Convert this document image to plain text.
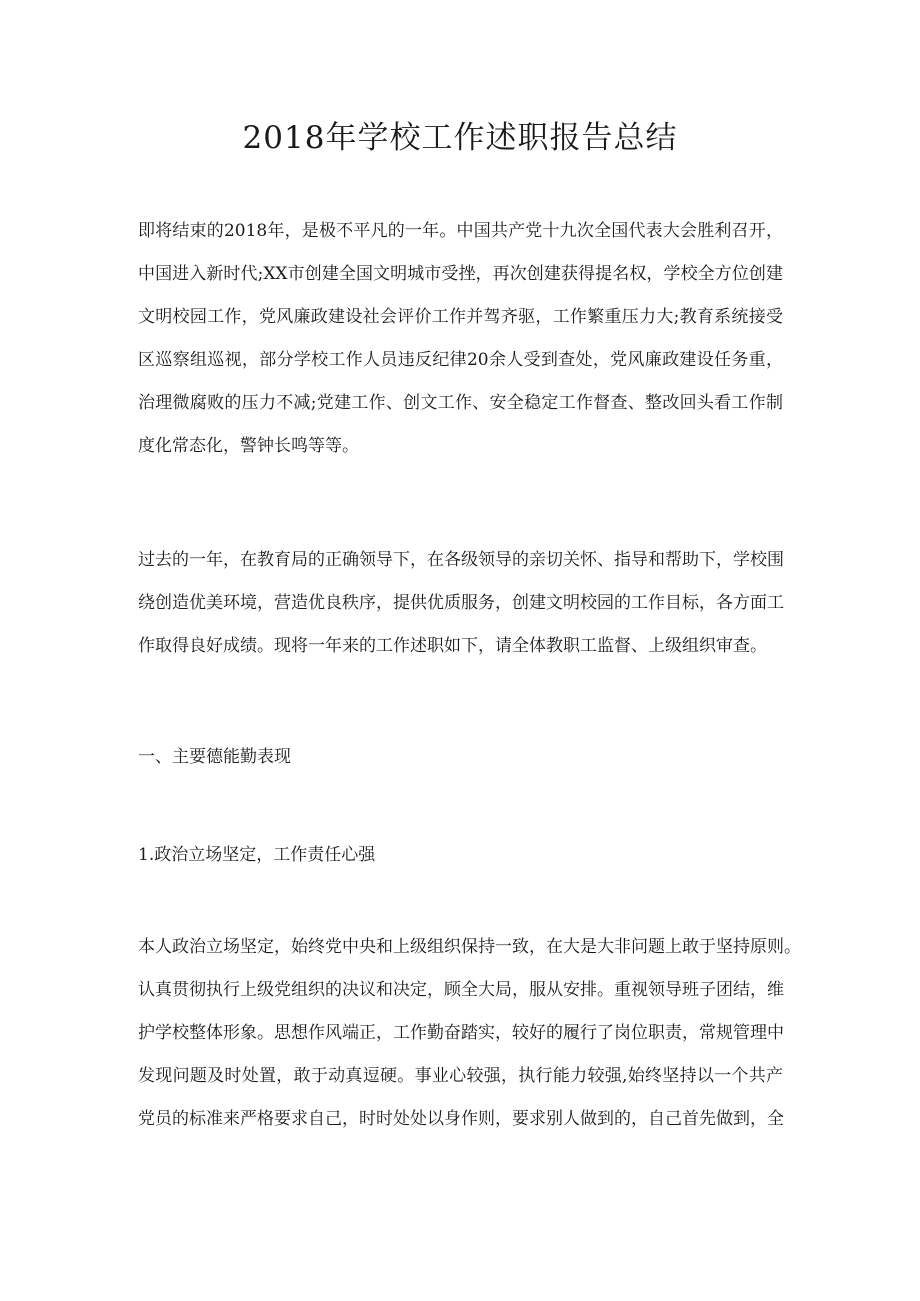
2018年学校工作述职报告总结
即将结束的2018年，是极不平凡的一年。中国共产党十九次全国代表大会胜利召开，
中国进入新时代;XX市创建全国文明城市受挫，再次创建获得提名权，学校全方位创建
文明校园工作，党风廉政建设社会评价工作并驾齐驱，工作繁重压力大;教育系统接受
区巡察组巡视，部分学校工作人员违反纪律20余人受到查处，党风廉政建设任务重，
治理微腐败的压力不减;党建工作、创文工作、安全稳定工作督查、整改回头看工作制
度化常态化，警钟长鸣等等。
过去的一年，在教育局的正确领导下，在各级领导的亲切关怀、指导和帮助下，学校围
绕创造优美环境，营造优良秩序，提供优质服务，创建文明校园的工作目标，各方面工
作取得良好成绩。现将一年来的工作述职如下，请全体教职工监督、上级组织审查。
一、主要德能勤表现
1.政治立场坚定，工作责任心强
本人政治立场坚定，始终党中央和上级组织保持一致，在大是大非问题上敢于坚持原则。
认真贯彻执行上级党组织的决议和决定，顾全大局，服从安排。重视领导班子团结，维
护学校整体形象。思想作风端正，工作勤奋踏实，较好的履行了岗位职责，常规管理中
发现问题及时处置，敢于动真逗硬。事业心较强，执行能力较强,始终坚持以一个共产
党员的标准来严格要求自己，时时处处以身作则，要求别人做到的，自己首先做到，全
